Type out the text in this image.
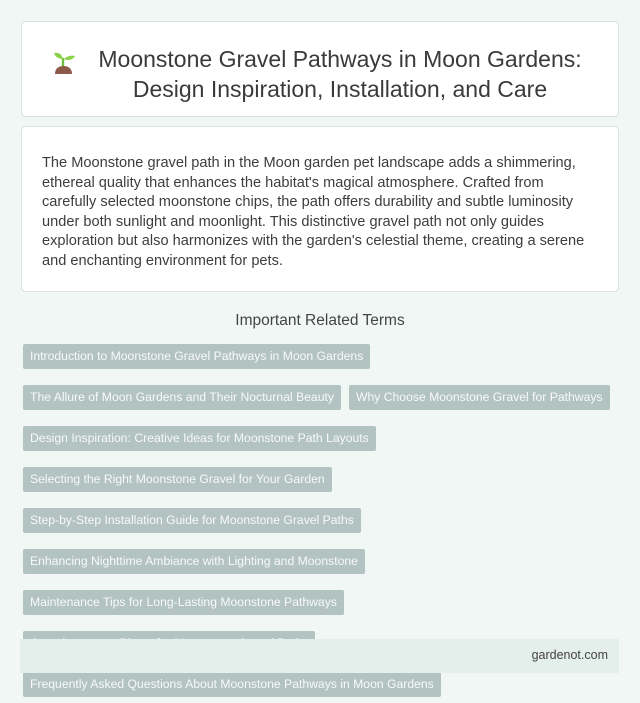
Moonstone Gravel Pathways in Moon Gardens: Design Inspiration, Installation, and Care

The Moonstone gravel path in the Moon garden pet landscape adds a shimmering, ethereal quality that enhances the habitat's magical atmosphere. Crafted from carefully selected moonstone chips, the path offers durability and subtle luminosity under both sunlight and moonlight. This distinctive gravel path not only guides exploration but also harmonizes with the garden's celestial theme, creating a serene and enchanting environment for pets.

Important Related Terms
Introduction to Moonstone Gravel Pathways in Moon Gardens
The Allure of Moon Gardens and Their Nocturnal Beauty	Why Choose Moonstone Gravel for Pathways
Design Inspiration: Creative Ideas for Moonstone Path Layouts
Selecting the Right Moonstone Gravel for Your Garden
Step-by-Step Installation Guide for Moonstone Gravel Paths
Enhancing Nighttime Ambiance with Lighting and Moonstone
Maintenance Tips for Long-Lasting Moonstone Pathways
Frequently Asked Questions About Moonstone Pathways in Moon Gardens
gardenot.com
